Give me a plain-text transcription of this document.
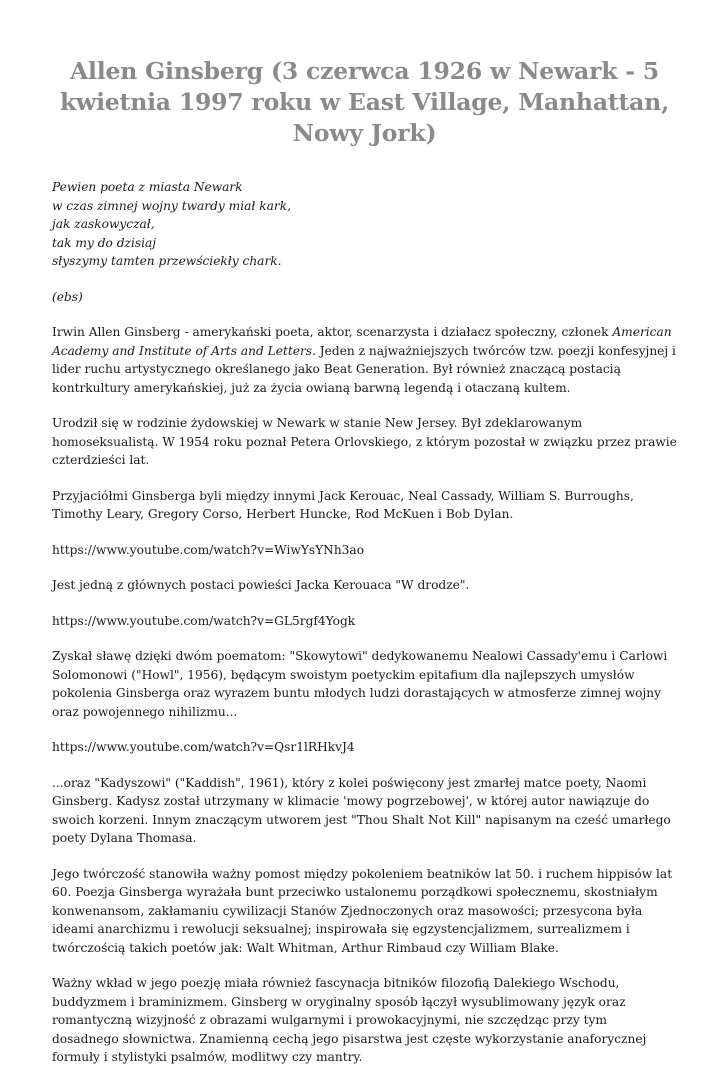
Allen Ginsberg (3 czerwca 1926 w Newark - 5 kwietnia 1997 roku w East Village, Manhattan, Nowy Jork)
Pewien poeta z miasta Newark
w czas zimnej wojny twardy miał kark,
jak zaskowyczał,
tak my do dzisiaj
słyszymy tamten przewściekły chark.
(ebs)

Irwin Allen Ginsberg - amerykański poeta, aktor, scenarzysta i działacz społeczny, członek American Academy and Institute of Arts and Letters. Jeden z najważniejszych twórców tzw. poezji konfesyjnej i lider ruchu artystycznego określanego jako Beat Generation. Był również znaczącą postacią kontrkultury amerykańskiej, już za życia owianą barwną legendą i otaczaną kultem.

Urodził się w rodzinie żydowskiej w Newark w stanie New Jersey. Był zdeklarowanym homoseksualistą. W 1954 roku poznał Petera Orlovskiego, z którym pozostał w związku przez prawie czterdzieści lat.

Przyjaciółmi Ginsberga byli między innymi Jack Kerouac, Neal Cassady, William S. Burroughs, Timothy Leary, Gregory Corso, Herbert Huncke, Rod McKuen i Bob Dylan.

https://www.youtube.com/watch?v=WiwYsYNh3ao

Jest jedną z głównych postaci powieści Jacka Kerouaca "W drodze".

https://www.youtube.com/watch?v=GL5rgf4Yogk

Zyskał sławę dzięki dwóm poematom: "Skowytowi" dedykowanemu Nealowi Cassady'emu i Carlowi Solomonowi ("Howl", 1956), będącym swoistym poetyckim epitafium dla najlepszych umysłów pokolenia Ginsberga oraz wyrazem buntu młodych ludzi dorastających w atmosferze zimnej wojny oraz powojennego nihilizmu...

https://www.youtube.com/watch?v=Qsr1lRHkvJ4

...oraz "Kadyszowi" ("Kaddish", 1961), który z kolei poświęcony jest zmarłej matce poety, Naomi Ginsberg. Kadysz został utrzymany w klimacie 'mowy pogrzebowej', w której autor nawiązuje do swoich korzeni. Innym znaczącym utworem jest "Thou Shalt Not Kill" napisanym na cześć umarłego poety Dylana Thomasa.

Jego twórczość stanowiła ważny pomost między pokoleniem beatników lat 50. i ruchem hippisów lat 60. Poezja Ginsberga wyrażała bunt przeciwko ustalonemu porządkowi społecznemu, skostniałym konwenansom, zakłamaniu cywilizacji Stanów Zjednoczonych oraz masowości; przesycona była ideami anarchizmu i rewolucji seksualnej; inspirowała się egzystencjalizmem, surrealizmem i twórczością takich poetów jak: Walt Whitman, Arthur Rimbaud czy William Blake.

Ważny wkład w jego poezję miała również fascynacja bitników filozofią Dalekiego Wschodu, buddyzmem i braminizmem. Ginsberg w oryginalny sposób łączył wysublimowany język oraz romantyczną wizyjność z obrazami wulgarnymi i prowokacyjnymi, nie szczędząc przy tym dosadnego słownictwa. Znamienną cechą jego pisarstwa jest częste wykorzystanie anaforycznej formuły i stylistyki psalmów, modlitwy czy mantry.
